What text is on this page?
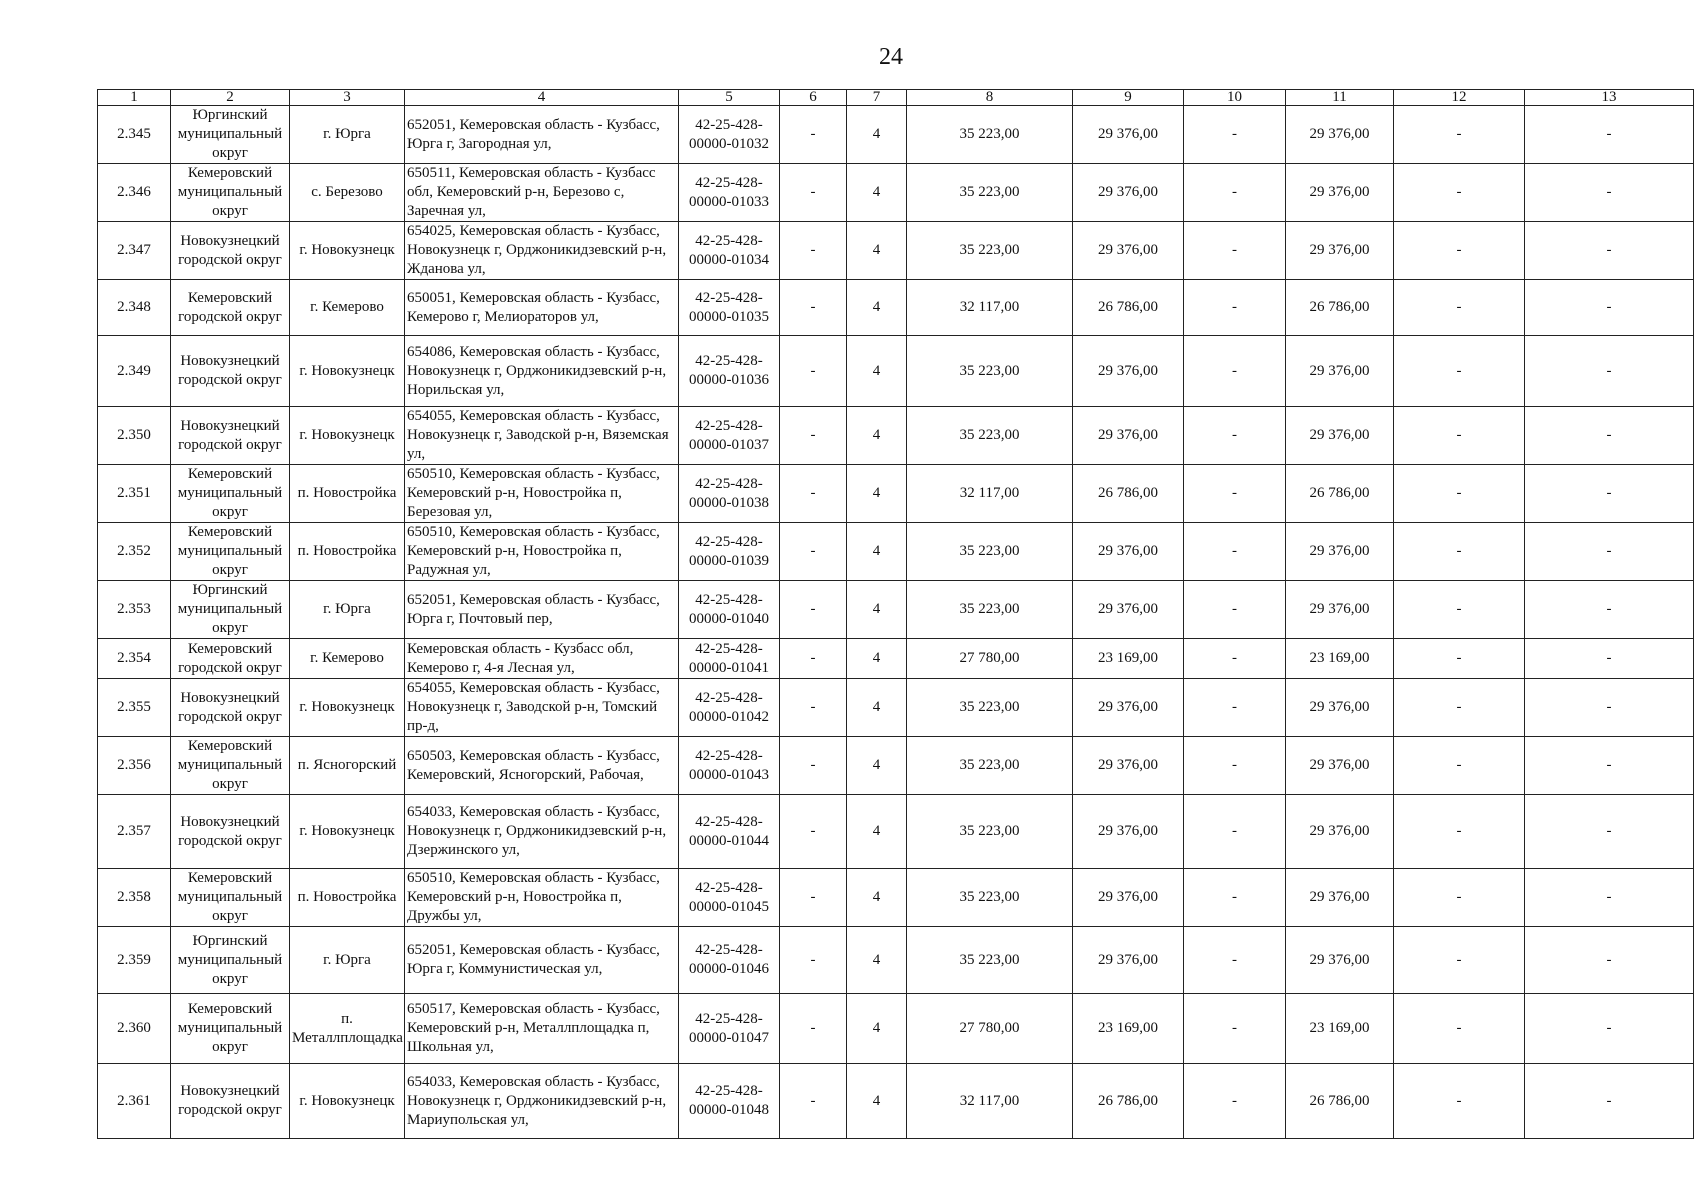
24
1	2	3	4	5	6	7	8	9	10	11	12	13
2.345	Юргинский муниципальный округ	г. Юрга	652051, Кемеровская область - Кузбасс, Юрга г, Загородная ул,	42-25-428-00000-01032	-	4	35 223,00	29 376,00	-	29 376,00	-	-
2.346	Кемеровский муниципальный округ	с. Березово	650511, Кемеровская область - Кузбасс обл, Кемеровский р-н, Березово с, Заречная ул,	42-25-428-00000-01033	-	4	35 223,00	29 376,00	-	29 376,00	-	-
2.347	Новокузнецкий городской округ	г. Новокузнецк	654025, Кемеровская область - Кузбасс, Новокузнецк г, Орджоникидзевский р-н, Жданова ул,	42-25-428-00000-01034	-	4	35 223,00	29 376,00	-	29 376,00	-	-
2.348	Кемеровский городской округ	г. Кемерово	650051, Кемеровская область - Кузбасс, Кемерово г, Мелиораторов ул,	42-25-428-00000-01035	-	4	32 117,00	26 786,00	-	26 786,00	-	-
2.349	Новокузнецкий городской округ	г. Новокузнецк	654086, Кемеровская область - Кузбасс, Новокузнецк г, Орджоникидзевский р-н, Норильская ул,	42-25-428-00000-01036	-	4	35 223,00	29 376,00	-	29 376,00	-	-
2.350	Новокузнецкий городской округ	г. Новокузнецк	654055, Кемеровская область - Кузбасс, Новокузнецк г, Заводской р-н, Вяземская ул,	42-25-428-00000-01037	-	4	35 223,00	29 376,00	-	29 376,00	-	-
2.351	Кемеровский муниципальный округ	п. Новостройка	650510, Кемеровская область - Кузбасс, Кемеровский р-н, Новостройка п, Березовая ул,	42-25-428-00000-01038	-	4	32 117,00	26 786,00	-	26 786,00	-	-
2.352	Кемеровский муниципальный округ	п. Новостройка	650510, Кемеровская область - Кузбасс, Кемеровский р-н, Новостройка п, Радужная ул,	42-25-428-00000-01039	-	4	35 223,00	29 376,00	-	29 376,00	-	-
2.353	Юргинский муниципальный округ	г. Юрга	652051, Кемеровская область - Кузбасс, Юрга г, Почтовый пер,	42-25-428-00000-01040	-	4	35 223,00	29 376,00	-	29 376,00	-	-
2.354	Кемеровский городской округ	г. Кемерово	Кемеровская область - Кузбасс обл, Кемерово г, 4-я Лесная ул,	42-25-428-00000-01041	-	4	27 780,00	23 169,00	-	23 169,00	-	-
2.355	Новокузнецкий городской округ	г. Новокузнецк	654055, Кемеровская область - Кузбасс, Новокузнецк г, Заводской р-н, Томский пр-д,	42-25-428-00000-01042	-	4	35 223,00	29 376,00	-	29 376,00	-	-
2.356	Кемеровский муниципальный округ	п. Ясногорский	650503, Кемеровская область - Кузбасс, Кемеровский, Ясногорский, Рабочая,	42-25-428-00000-01043	-	4	35 223,00	29 376,00	-	29 376,00	-	-
2.357	Новокузнецкий городской округ	г. Новокузнецк	654033, Кемеровская область - Кузбасс, Новокузнецк г, Орджоникидзевский р-н, Дзержинского ул,	42-25-428-00000-01044	-	4	35 223,00	29 376,00	-	29 376,00	-	-
2.358	Кемеровский муниципальный округ	п. Новостройка	650510, Кемеровская область - Кузбасс, Кемеровский р-н, Новостройка п, Дружбы ул,	42-25-428-00000-01045	-	4	35 223,00	29 376,00	-	29 376,00	-	-
2.359	Юргинский муниципальный округ	г. Юрга	652051, Кемеровская область - Кузбасс, Юрга г, Коммунистическая ул,	42-25-428-00000-01046	-	4	35 223,00	29 376,00	-	29 376,00	-	-
2.360	Кемеровский муниципальный округ	п. Металлплощадка	650517, Кемеровская область - Кузбасс, Кемеровский р-н, Металлплощадка п, Школьная ул,	42-25-428-00000-01047	-	4	27 780,00	23 169,00	-	23 169,00	-	-
2.361	Новокузнецкий городской округ	г. Новокузнецк	654033, Кемеровская область - Кузбасс, Новокузнецк г, Орджоникидзевский р-н, Мариупольская ул,	42-25-428-00000-01048	-	4	32 117,00	26 786,00	-	26 786,00	-	-
